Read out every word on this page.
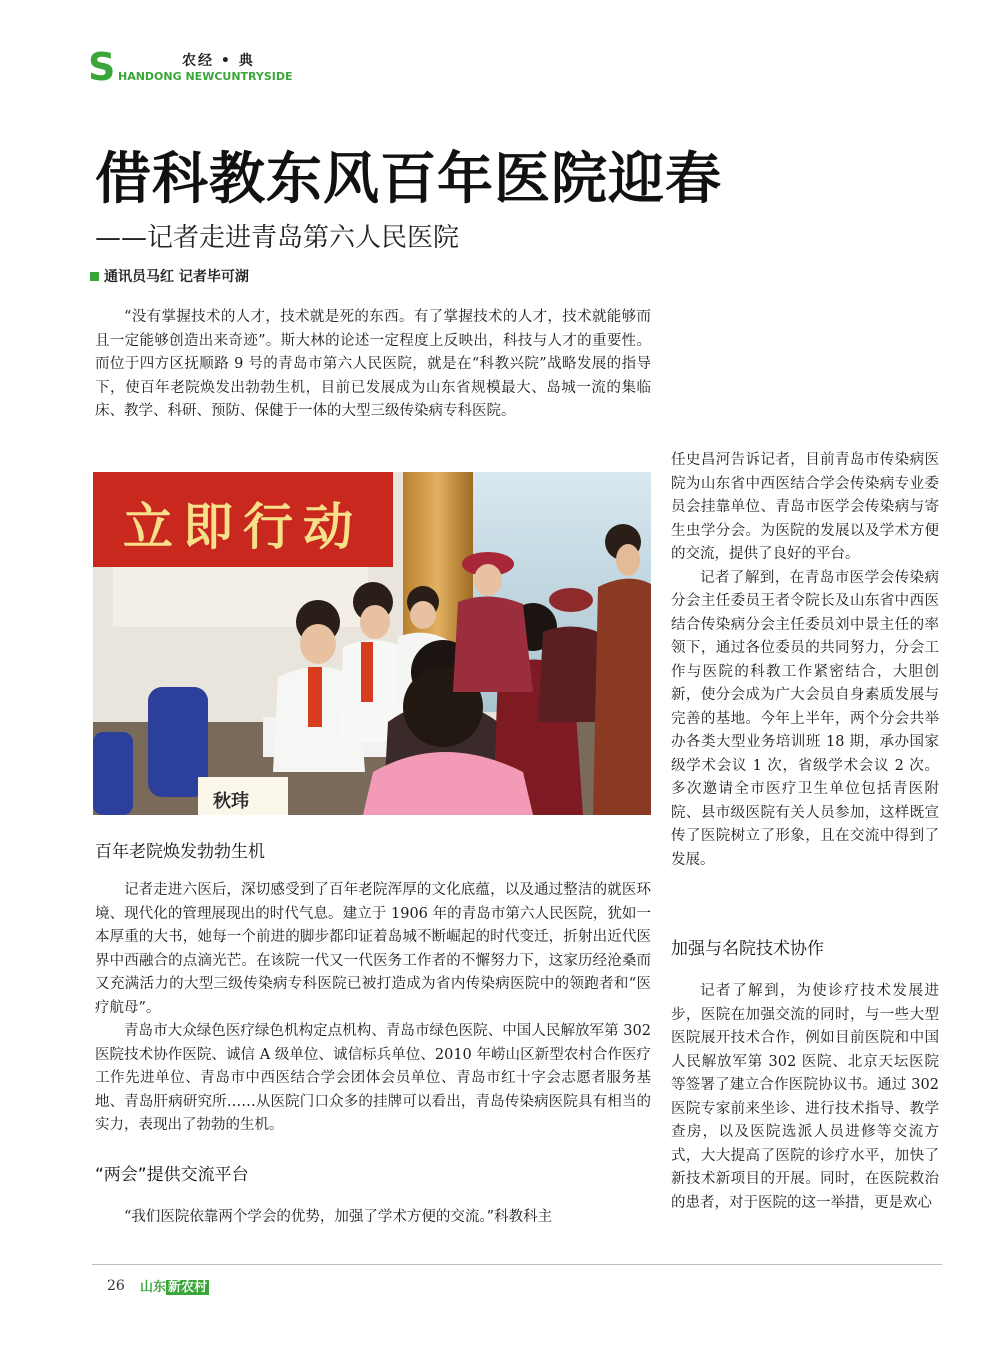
S	农经 • 典
HANDONG NEWCUNTRYSIDE
借科教东风百年医院迎春
——记者走进青岛第六人民医院
通讯员马红 记者毕可湖

“没有掌握技术的人才，技术就是死的东西。有了掌握技术的人才，技术就能够而且一定能够创造出来奇迹”。斯大林的论述一定程度上反映出，科技与人才的重要性。而位于四方区抚顺路 9 号的青岛市第六人民医院，就是在“科教兴院”战略发展的指导下，使百年老院焕发出勃勃生机，目前已发展成为山东省规模最大、岛城一流的集临床、教学、科研、预防、保健于一体的大型三级传染病专科医院。

立即行动
秋玮
百年老院焕发勃勃生机

记者走进六医后，深切感受到了百年老院浑厚的文化底蕴，以及通过整洁的就医环境、现代化的管理展现出的时代气息。建立于 1906 年的青岛市第六人民医院，犹如一本厚重的大书，她每一个前进的脚步都印证着岛城不断崛起的时代变迁，折射出近代医界中西融合的点滴光芒。在该院一代又一代医务工作者的不懈努力下，这家历经沧桑而又充满活力的大型三级传染病专科医院已被打造成为省内传染病医院中的领跑者和“医疗航母”。

青岛市大众绿色医疗绿色机构定点机构、青岛市绿色医院、中国人民解放军第 302 医院技术协作医院、诚信 A 级单位、诚信标兵单位、2010 年崂山区新型农村合作医疗工作先进单位、青岛市中西医结合学会团体会员单位、青岛市红十字会志愿者服务基地、青岛肝病研究所……从医院门口众多的挂牌可以看出，青岛传染病医院具有相当的实力，表现出了勃勃的生机。

“两会”提供交流平台

“我们医院依靠两个学会的优势，加强了学术方便的交流。”科教科主

任史昌河告诉记者，目前青岛市传染病医院为山东省中西医结合学会传染病专业委员会挂靠单位、青岛市医学会传染病与寄生虫学分会。为医院的发展以及学术方便的交流，提供了良好的平台。

记者了解到，在青岛市医学会传染病分会主任委员王者令院长及山东省中西医结合传染病分会主任委员刘中景主任的率领下，通过各位委员的共同努力，分会工作与医院的科教工作紧密结合，大胆创新，使分会成为广大会员自身素质发展与完善的基地。今年上半年，两个分会共举办各类大型业务培训班 18 期，承办国家级学术会议 1 次，省级学术会议 2 次。多次邀请全市医疗卫生单位包括青医附院、县市级医院有关人员参加，这样既宣传了医院树立了形象，且在交流中得到了发展。

加强与名院技术协作

记者了解到，为使诊疗技术发展进步，医院在加强交流的同时，与一些大型医院展开技术合作，例如目前医院和中国人民解放军第 302 医院、北京天坛医院等签署了建立合作医院协议书。通过 302 医院专家前来坐诊、进行技术指导、教学查房，以及医院选派人员进修等交流方式，大大提高了医院的诊疗水平，加快了新技术新项目的开展。同时，在医院救治的患者，对于医院的这一举措，更是欢心

26 山东 新农村
